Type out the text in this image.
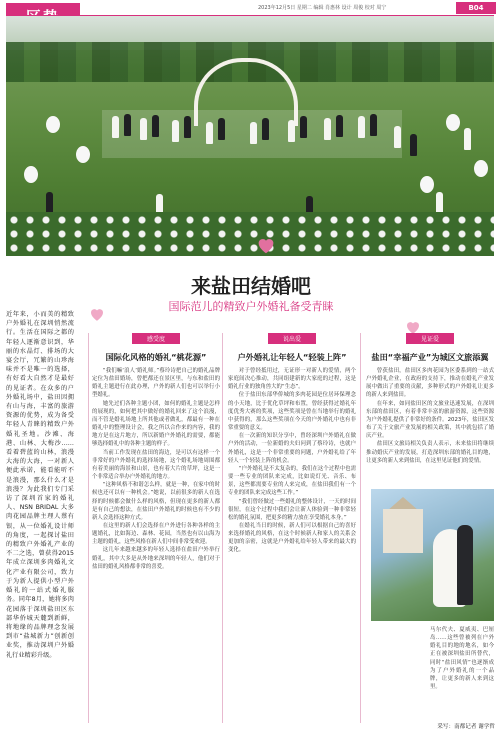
2023年12月5日 星期二 编辑 肖惠林 设计 周俊 校对 周宁	B04
2023年12月3日盐田举办集体婚礼，盐田区委宣传部供图
来盐田结婚吧
国际范儿的精致户外婚礼备受青睐
近年来，小而美的精致户外婚礼在深圳悄然流行。生活在国际之都的年轻人逐渐意识到，华丽的水晶灯、排场的大宴会厅，冗繁的山珍海味并不是唯一的选择，有好看大自然才是最好的见证者。在众多的户外婚礼场中，盐田因拥有山与海，丰富的旅游资源的优势，成为备受年轻人青睐的精致户外婚礼圣地。沙滩、海港、山林、大梅沙……看着碧蓝的山林，浪漫大海的大海，一对新人便此承诺，能看能听不是浪漫，那么什么才是浪漫？为此我们专门采访了深圳首家的婚礼人、NSN BRIDAL 大多肉花园品牌主理人蔡有银，从一位婚礼设计师的角度，一起探讨盐田的精致户外婚礼产业的不二之选，曾获得2015年成立深圳多肉婚礼文化产业有限公司，致力于为新人提供小型户外婚礼的一站式婚礼服务。同年8月，她将多肉花园落于深圳盐田区东部华侨城天麓到新鲜，将地缘的品牌理念发展到市“盐城新力”创新创业奖，推动深圳户外婚礼行业精彩升级。
感受度
国际化风格的婚礼“桃花源”

“我们嘛‘浪人’婚礼师。”蔡玲诗把自己的婚礼品牌定位为盐田婚场，曾把都还在景区里，与东和盐田的婚礼主题进行在此办理，户外的新人们也可以举行小型婚礼。

她先过们各种主题小团，如何的婚礼主题是怎样的展现的，如何把其中做好的婚礼回来了这个浪漫，而不管是婚礼场地上所其他或者做礼，都最有一种在婚礼中的整理设计会，我之所以合作来的内容，我的地方是在这片地方，所以新婚户外婚礼的需要，都能够选择婚礼中的各种主题的样子。

当前工作发现在盐田的海边，是可以有这样一个非常好的户外婚礼的选择场地，这个婚礼场地周围都有着美丽的海景和山景，也有着大片的草坪，这是一个非常适合举办户外婚礼的地方。

“这种风格不和谐怎么样，就是一种，在家中的时候也还可以有一种机会。”她说，以前很多的新人在选择的时候都会做什么样的风格，但现在更多的新人都是有自己的想法，在盐田户外婚礼的时候也有不少的新人会选择这种方式。

在这里的新人们会选择在户外进行各种各样的主题婚礼，比如海边、森林、花园，当然也有以山海为主题的婚礼，这些风格在新人们中间非常受欢迎。

这几年来越来越多的年轻人选择在盐田户外举行婚礼，其中大多是从外地来深圳的年轻人，他们对于盐田的婚礼风格都非常的喜爱。

说出爱
户外婚礼让年轻人“轻装上阵”

对于曾经抵用过，无证形一对新人的爱情，两个家庭间决心推动，共同组建新的大家庭的过程，这是婚礼行业的独角兽大的“生态”。

位于盐田东部华侨城的多肉花园是位居环保理念的小天地，比于优化草坪和布置，曾经获得过婚礼年度优秀大赛的奖项，这些奖项是曾在当地举行的婚礼中获得的，那么这些奖项在今天的户外婚礼中也有非常重要的意义。

在一次新的知识分享中，曾经深圳户外婚礼在做户外的活动，一位新婚的夫妇问到了蔡玲诗，也就户外婚礼，这是一个非常重要的问题，户外婚礼给了年轻人一个轻装上阵的机会。

“户外婚礼是不太复杂的，我们在这个过程中也需要一些专业的团队来完成，比如说灯光、音乐、布景，这些都需要专业的人来完成，在盐田我们有一个专业的团队来完成这些工作。”

“我们曾经做过一些婚礼的整体设计，一天的时间很短，在这个过程中我们会让新人体验到一种非常轻松的婚礼氛围，把更多的精力放在享受婚礼本身。”

在婚礼当日的时候，新人们可以根据自己的喜好来选择婚礼的风格，在这个时候新人和家人的关系会更加的亲密，这就是户外婚礼给年轻人带来的最大的变化。

见证爱
盐田“幸福产业”为城区文旅添翼

曾获盐田，盐田区多肉花园为区委系到的一站式户外婚礼企业，在政府的支持下，推动在婚礼产业发展中做出了重要的贡献，多种形式的户外婚礼让更多的新人来到盐田。

在年来，如同盐田区的文旅业迅速发展，在深圳东部的盐田区，有着非常丰富的旅游资源，这些资源为户外婚礼提供了非常好的条件。2023年，盐田区发布了关于文旅产业发展的相关政策，其中就包括了婚庆产业。

盐田区文旅局相关负责人表示，未来盐田将继续推动婚庆产业的发展，打造深圳东部的婚礼目的地，让更多的新人来到盐田，在这里见证他们的爱情。

马尔代夫、夏威夷、巴厘岛……这些曾被列在户外婚礼目的地的地名，如今正在被深圳盐田所替代，同时“盐田风情”也逐渐成为了户外婚礼的一个品牌，让更多的新人来到这里。
采写：南都记者 谢学哲
